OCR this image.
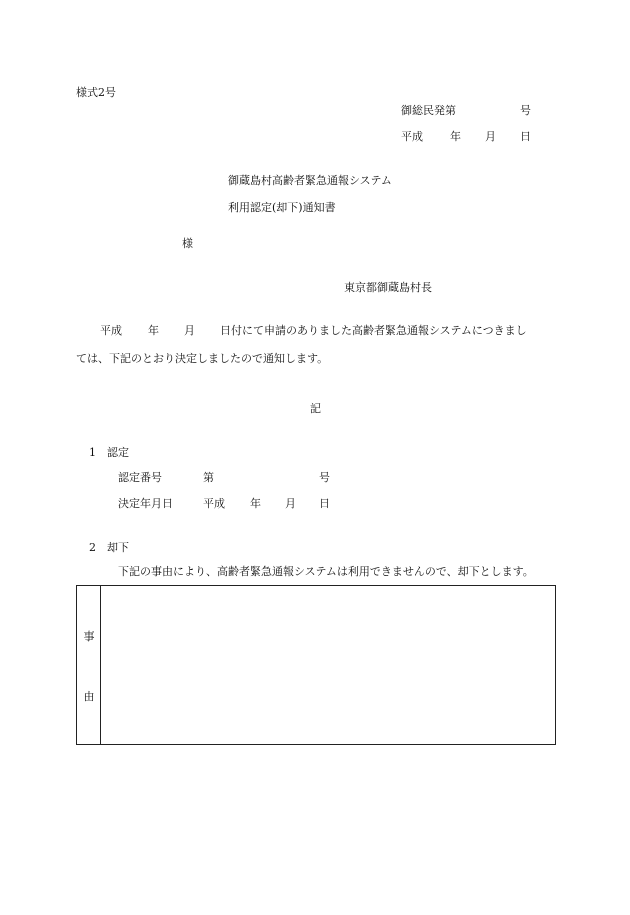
様式2号
御総民発第	号
平成 年 月 日
御蔵島村高齢者緊急通報システム
利用認定(却下)通知書
様
東京都御蔵島村長
平成 年 月 日付にて申請のありました高齢者緊急通報システムにつきまし
ては、下記のとおり決定しましたので通知します。
記
1 認定
認定番号	第	号
決定年月日	平成 年 月 日
2 却下
下記の事由により、高齢者緊急通報システムは利用できませんので、却下とします。
事
由
